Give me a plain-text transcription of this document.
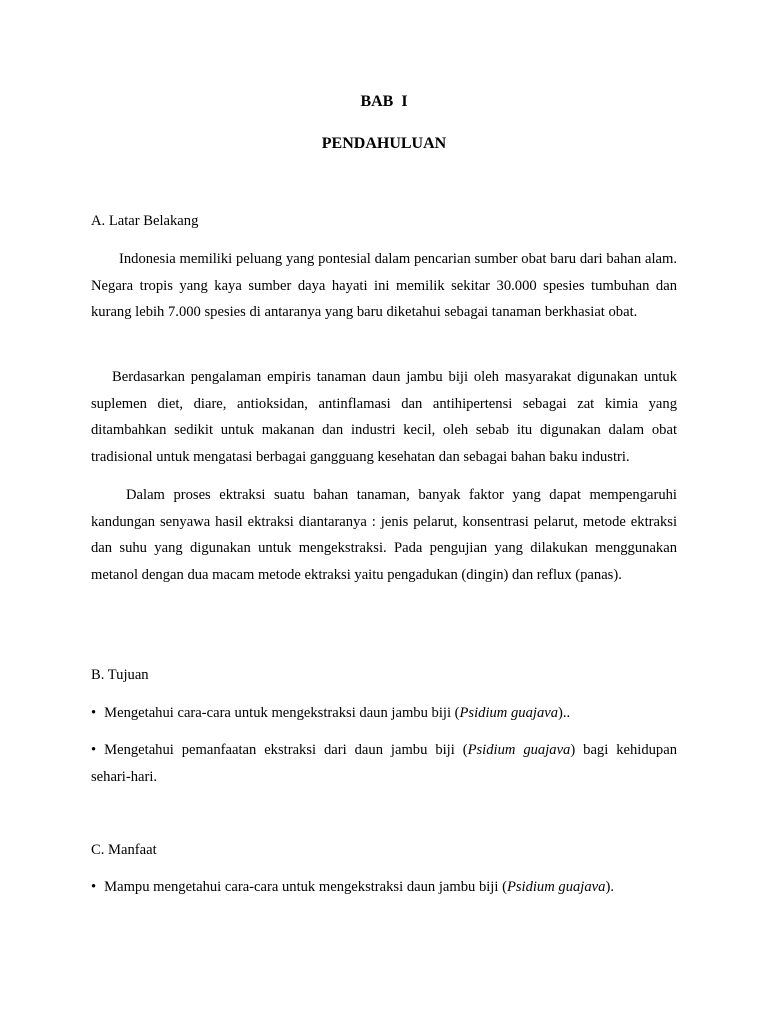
BAB  I
PENDAHULUAN

A. Latar Belakang

Indonesia memiliki peluang yang pontesial dalam pencarian sumber obat baru dari bahan alam. Negara tropis yang kaya sumber daya hayati ini memilik sekitar 30.000 spesies tumbuhan dan kurang lebih 7.000 spesies di antaranya yang baru diketahui sebagai tanaman berkhasiat obat.

Berdasarkan pengalaman empiris tanaman daun jambu biji oleh masyarakat digunakan untuk suplemen diet, diare, antioksidan, antinflamasi dan antihipertensi sebagai zat kimia yang ditambahkan sedikit untuk makanan dan industri kecil, oleh sebab itu digunakan dalam obat tradisional untuk mengatasi berbagai gangguang kesehatan dan sebagai bahan baku industri.

Dalam proses ektraksi suatu bahan tanaman, banyak faktor yang dapat mempengaruhi kandungan senyawa hasil ektraksi diantaranya : jenis pelarut, konsentrasi pelarut, metode ektraksi dan suhu yang digunakan untuk mengekstraksi. Pada pengujian yang dilakukan menggunakan metanol dengan dua macam metode ektraksi yaitu pengadukan (dingin) dan reflux (panas).

B. Tujuan

• Mengetahui cara-cara untuk mengekstraksi daun jambu biji (Psidium guajava)..

• Mengetahui pemanfaatan ekstraksi dari daun jambu biji (Psidium guajava) bagi kehidupan sehari-hari.

C. Manfaat

• Mampu mengetahui cara-cara untuk mengekstraksi daun jambu biji (Psidium guajava).
